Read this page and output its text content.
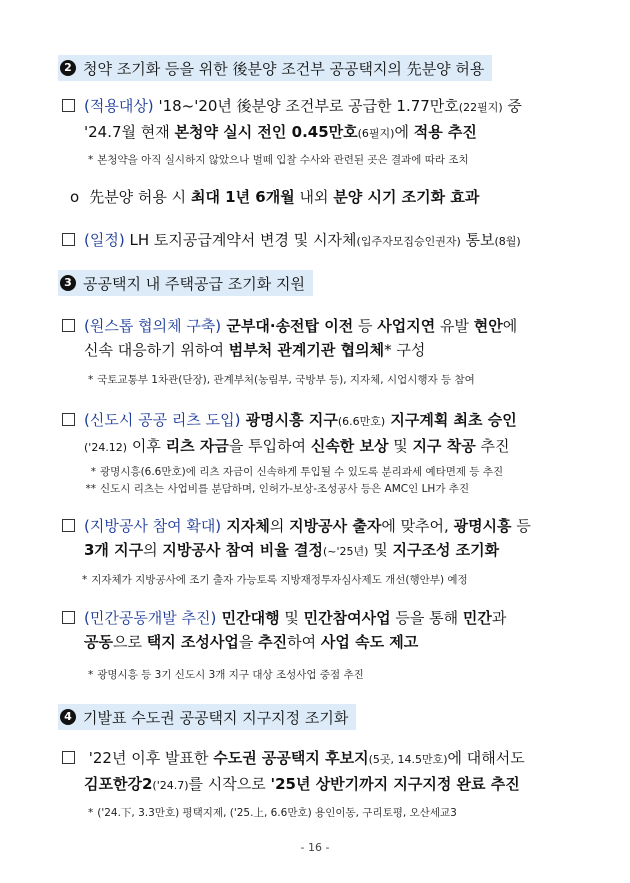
2 청약 조기화 등을 위한 後분양 조건부 공공택지의 先분양 허용
(적용대상) '18~'20년 後분양 조건부로 공급한 1.77만호(22필지) 중
'24.7월 현재 본청약 실시 전인 0.45만호(6필지)에 적용 추진
* 본청약을 아직 실시하지 않았으나 벌떼 입찰 수사와 관련된 곳은 결과에 따라 조치
o 先분양 허용 시 최대 1년 6개월 내외 분양 시기 조기화 효과
(일정) LH 토지공급계약서 변경 및 시자체(입주자모집승인권자) 통보(8월)
3 공공택지 내 주택공급 조기화 지원
(원스톱 협의체 구축) 군부대·송전탑 이전 등 사업지연 유발 현안에
신속 대응하기 위하여 범부처 관계기관 협의체* 구성
* 국토교통부 1차관(단장), 관계부처(농림부, 국방부 등), 지자체, 시업시행자 등 참여
(신도시 공공 리츠 도입) 광명시흥 지구(6.6만호) 지구계획 최초 승인
('24.12) 이후 리츠 자금을 투입하여 신속한 보상 및 지구 착공 추진
* 광명시흥(6.6만호)에 리츠 자금이 신속하게 투입될 수 있도록 분리과세 예타면제 등 추진
** 신도시 리츠는 사업비를 분담하며, 인허가-보상-조성공사 등은 AMC인 LH가 추진
(지방공사 참여 확대) 지자체의 지방공사 출자에 맞추어, 광명시흥 등
3개 지구의 지방공사 참여 비율 결정(~'25년) 및 지구조성 조기화
* 지자체가 지방공사에 조기 출자 가능토록 지방재정투자심사제도 개선(행안부) 예정
(민간공동개발 추진) 민간대행 및 민간참여사업 등을 통해 민간과
공동으로 택지 조성사업을 추진하여 사업 속도 제고
* 광명시흥 등 3기 신도시 3개 지구 대상 조성사업 중점 추진
4 기발표 수도권 공공택지 지구지정 조기화
'22년 이후 발표한 수도권 공공택지 후보지(5곳, 14.5만호)에 대해서도
김포한강2('24.7)를 시작으로 '25년 상반기까지 지구지정 완료 추진
* ('24.下, 3.3만호) 평택지제, ('25.上, 6.6만호) 용인이동, 구리토평, 오산세교3
- 16 -
